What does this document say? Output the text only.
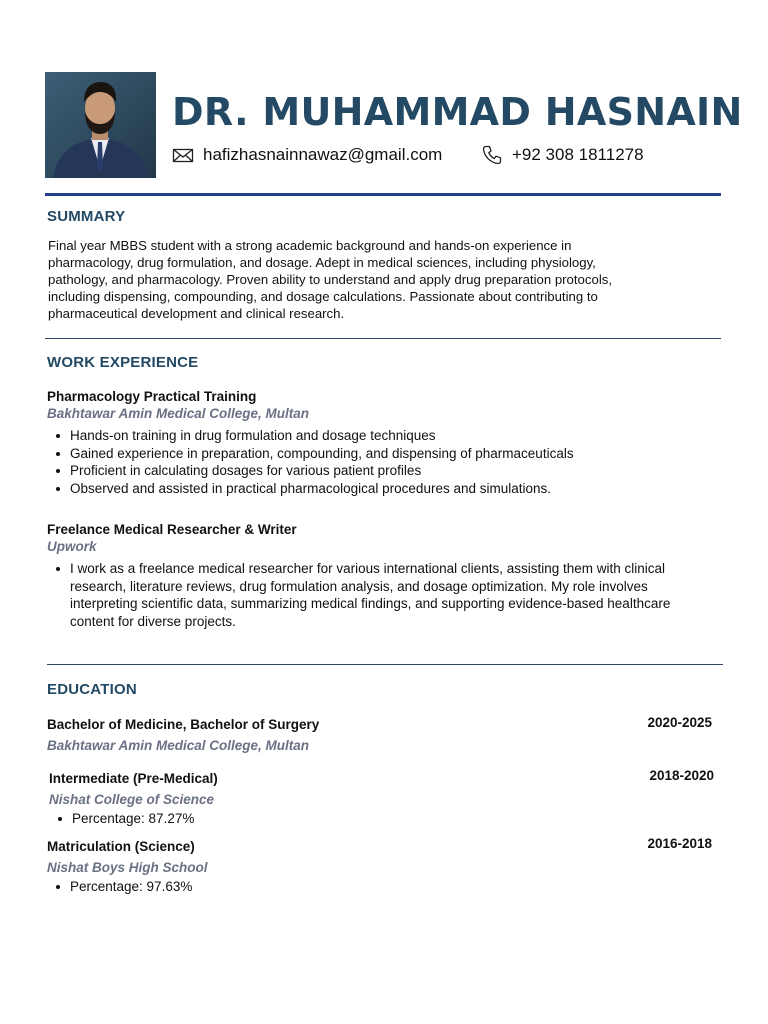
DR. MUHAMMAD HASNAIN
hafizhasnainnawaz@gmail.com	+92 308 1811278
SUMMARY

Final year MBBS student with a strong academic background and hands-on experience in pharmacology, drug formulation, and dosage. Adept in medical sciences, including physiology, pathology, and pharmacology. Proven ability to understand and apply drug preparation protocols, including dispensing, compounding, and dosage calculations. Passionate about contributing to pharmaceutical development and clinical research.

WORK EXPERIENCE

Pharmacology Practical Training

Bakhtawar Amin Medical College, Multan

Hands-on training in drug formulation and dosage techniques
Gained experience in preparation, compounding, and dispensing of pharmaceuticals
Proficient in calculating dosages for various patient profiles
Observed and assisted in practical pharmacological procedures and simulations.

Freelance Medical Researcher & Writer

Upwork

I work as a freelance medical researcher for various international clients, assisting them with clinical research, literature reviews, drug formulation analysis, and dosage optimization. My role involves interpreting scientific data, summarizing medical findings, and supporting evidence-based healthcare content for diverse projects.
EDUCATION

Bachelor of Medicine, Bachelor of Surgery	2020-2025

Bakhtawar Amin Medical College, Multan

Intermediate (Pre-Medical)	2018-2020

Nishat College of Science

Percentage: 87.27%

Matriculation (Science)	2016-2018

Nishat Boys High School

Percentage: 97.63%
